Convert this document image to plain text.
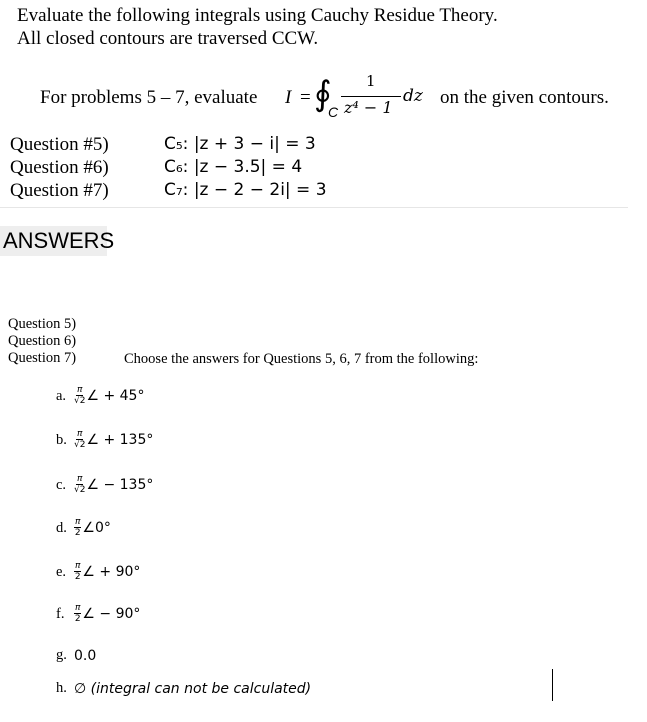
Evaluate the following integrals using Cauchy Residue Theory.
All closed contours are traversed CCW.
For problems 5 – 7, evaluate I = ∮
C
1
z⁴ − 1
dz on the given contours.
Question #5)
Question #6)
Question #7)
C₅: |z + 3 − i| = 3
C₆: |z − 3.5| = 4
C₇: |z − 2 − 2i| = 3
ANSWERS
Question 5)
Question 6)
Question 7)	Choose the answers for Questions 5, 6, 7 from the following:
a. $\frac{\pi}{√2}$ ∠ + 45°
b. $\frac{\pi}{√2}$ ∠ + 135°
c. $\frac{\pi}{√2}$ ∠ − 135°
d. $\frac{\pi}{2}$ ∠0°
e. $\frac{\pi}{2}$ ∠ + 90°
f.	$\frac{\pi}{2}$ ∠ − 90°
g. 0.0
h. ∅ (integral can not be calculated)
